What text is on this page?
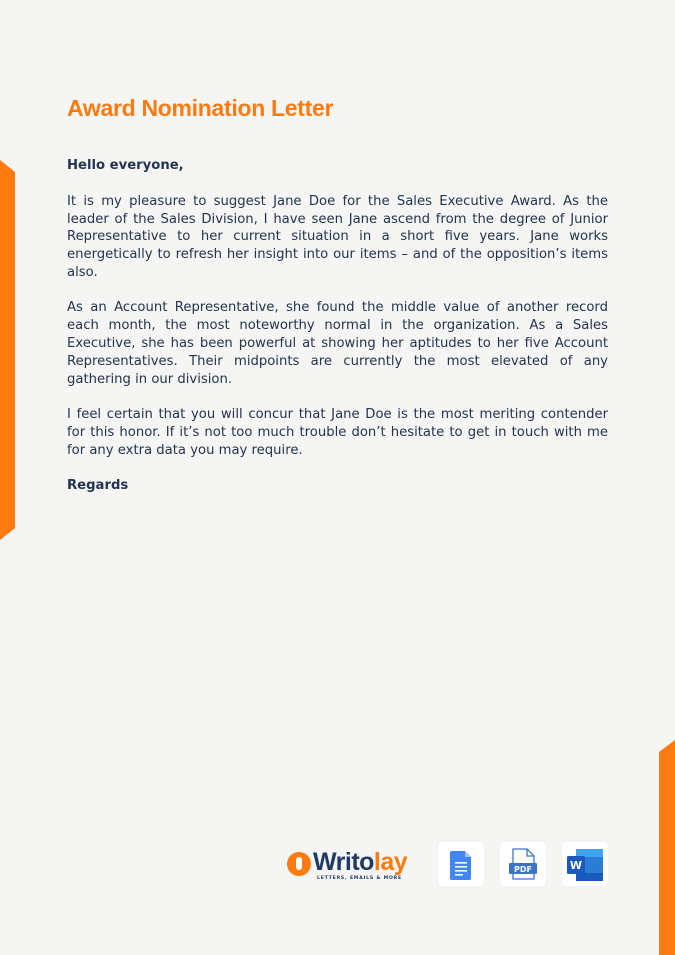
Award Nomination Letter

Hello everyone,

It is my pleasure to suggest Jane Doe for the Sales Executive Award. As the leader of the Sales Division, I have seen Jane ascend from the degree of Junior Representative to her current situation in a short five years. Jane works energetically to refresh her insight into our items – and of the opposition’s items also.

As an Account Representative, she found the middle value of another record each month, the most noteworthy normal in the organization. As a Sales Executive, she has been powerful at showing her aptitudes to her five Account Representatives. Their midpoints are currently the most elevated of any gathering in our division.

I feel certain that you will concur that Jane Doe is the most meriting contender for this honor. If it’s not too much trouble don’t hesitate to get in touch with me for any extra data you may require.

Regards

Writolay
LETTERS, EMAILS & MORE
PDF	W
